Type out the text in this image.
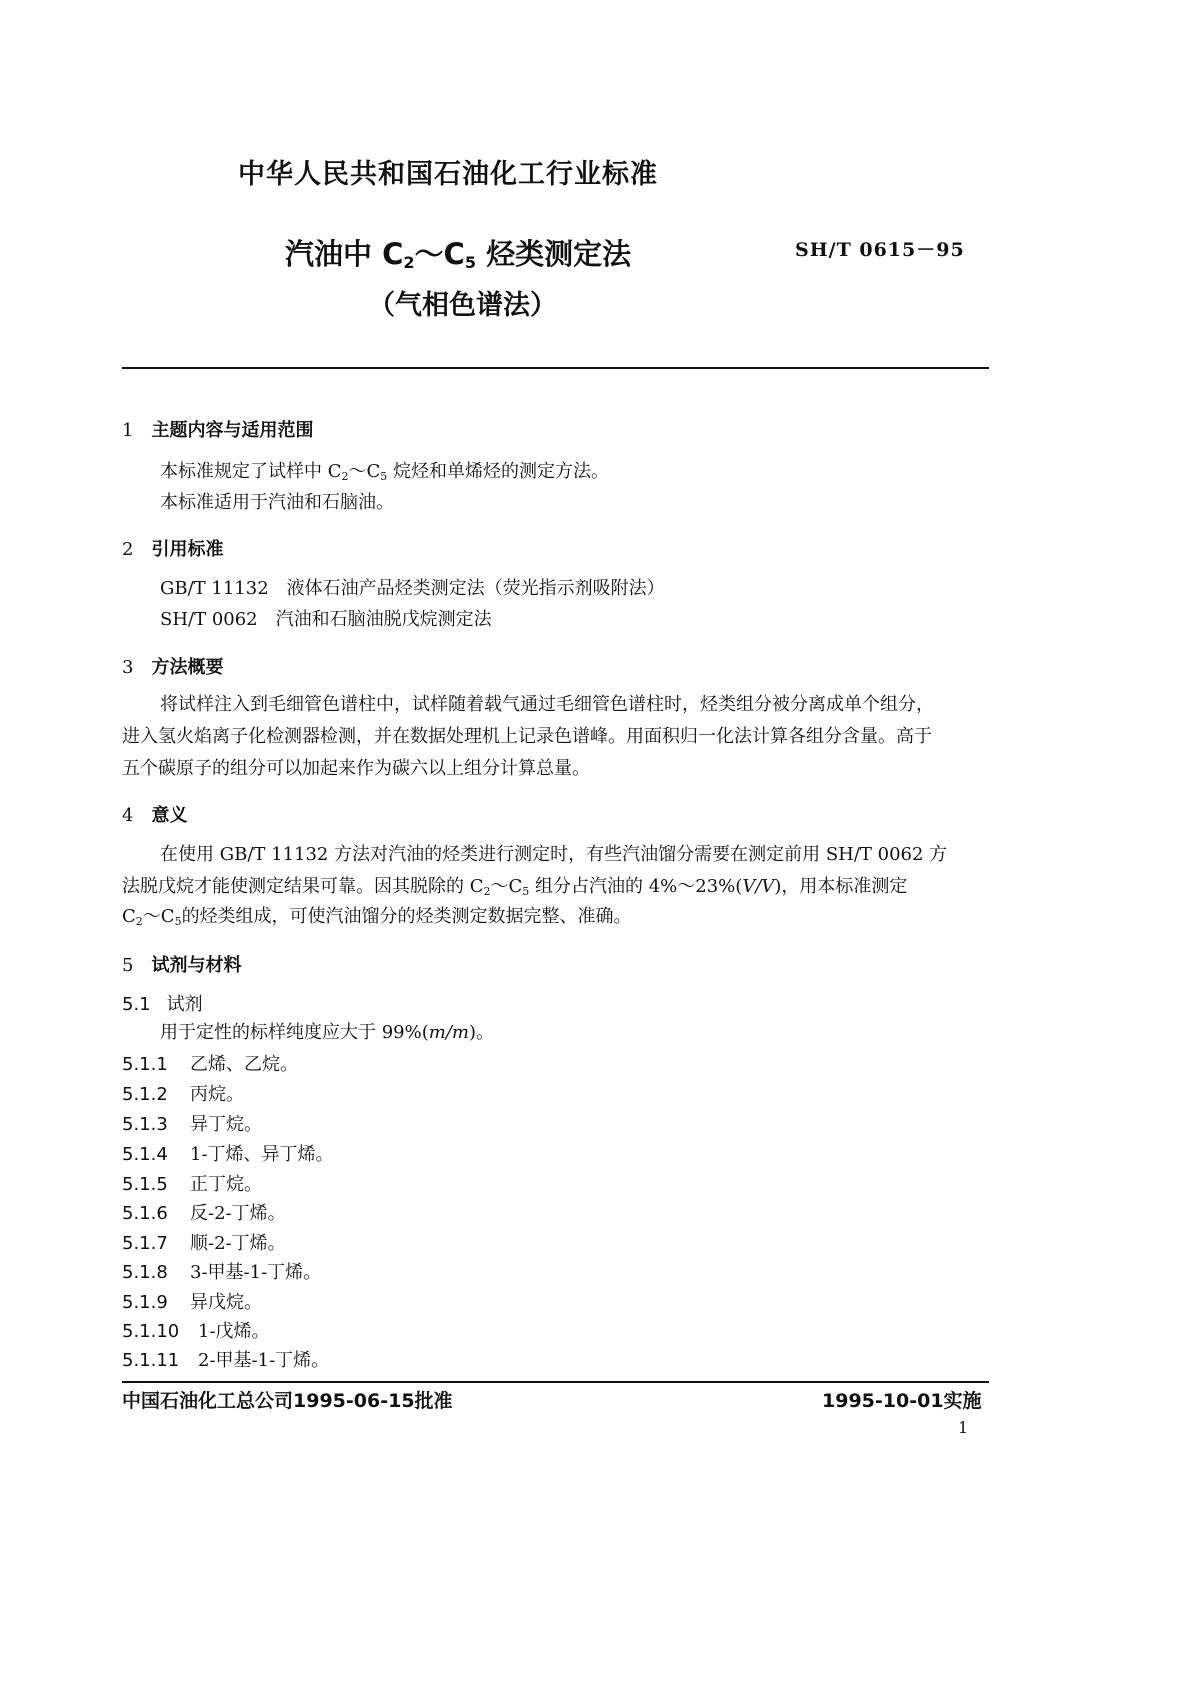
中华人民共和国石油化工行业标准
汽油中 $C_2\sim C_5$ 烃类测定法
（气相色谱法）
SH/T 0615－95
1 主题内容与适用范围
本标准规定了试样中 $C_2\sim C_5$ 烷烃和单烯烃的测定方法。
本标准适用于汽油和石脑油。
2 引用标准
GB/T 11132 液体石油产品烃类测定法（荧光指示剂吸附法）
SH/T 0062 汽油和石脑油脱戊烷测定法
3 方法概要
将试样注入到毛细管色谱柱中，试样随着载气通过毛细管色谱柱时，烃类组分被分离成单个组分，
进入氢火焰离子化检测器检测，并在数据处理机上记录色谱峰。用面积归一化法计算各组分含量。高于
五个碳原子的组分可以加起来作为碳六以上组分计算总量。
4 意义
在使用 GB/T 11132 方法对汽油的烃类进行测定时，有些汽油馏分需要在测定前用 SH/T 0062 方
法脱戊烷才能使测定结果可靠。因其脱除的 $C_2\sim C_5$ 组分占汽油的 4%～23%(V/V)，用本标准测定
$C_2\sim C_5$的烃类组成，可使汽油馏分的烃类测定数据完整、准确。
5 试剂与材料
5.1 试剂
用于定性的标样纯度应大于 99%(m/m)。
5.1.1 乙烯、乙烷。
5.1.2 丙烷。
5.1.3 异丁烷。
5.1.4 1-丁烯、异丁烯。
5.1.5 正丁烷。
5.1.6 反-2-丁烯。
5.1.7 顺-2-丁烯。
5.1.8 3-甲基-1-丁烯。
5.1.9 异戊烷。
5.1.10 1-戊烯。
5.1.11 2-甲基-1-丁烯。
中国石油化工总公司1995-06-15批准	1995-10-01实施
1
